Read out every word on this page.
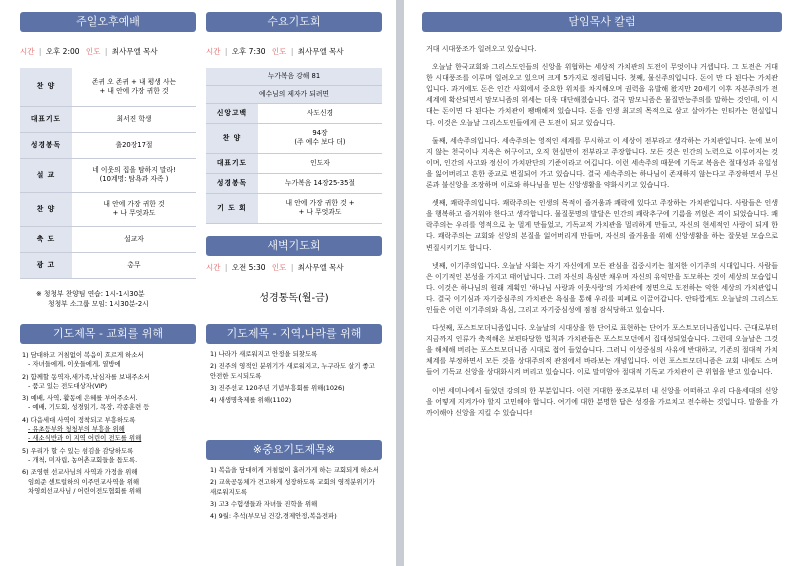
주일오후예배
시간 | 오후 2:00 인도 | 최사무엘 목사
찬 양	존귀 오 존귀 + 내 평생 사는
+ 내 안에 가장 귀한 것

대표기도	최서진 학생
성경봉독	출20장17절
설 교	네 이웃의 집을 탐하지 말라!
(10계명: 탐욕과 자족 )

찬 양	내 안에 가장 귀한 것
+ 나 무엇과도

축 도	설교자
광 고	총무
※ 청청부 찬양팀 연습: 1시-1시30분
청청부 소그룹 모임: 1시30분-2시
수요기도회
시간 | 오후 7:30 인도 | 최사무엘 목사
누가복음 강해 81	
예수님의 제자가 되려면	
신앙고백	사도신경
찬 양	94장
(주 예수 보다 더)

대표기도	인도자
성경봉독	누가복음 14장25-35절
기 도 회	내 안에 가장 귀한 것 +
+ 나 무엇과도
새벽기도회
시간 | 오전 5:30 인도 | 최사무엘 목사
성경통독(월-금)
기도제목 - 교회를 위해
1) 담대하고 거침없이 복음이 흐르게 하소서
- 자녀들에게, 이웃들에게, 열방에
2) 함께할 동역자,새가족,낙심자를 보내주소서
- 품고 있는 전도대상자(VIP)
3) 예배, 사역, 활동에 은혜를 부어주소서.
- 예배, 기도회, 성경읽기, 목장, 각종훈련 등
4) 다음세대 사역이 정착되고 부흥하도록
- 유초등부와 청청부의 부흥을 위해
- 새소식반과 이 지역 어린이 전도를 위해
5) 우리가 할 수 있는 섬김을 감당하도록
- 개척, 미자립, 농어촌교회들을 돕도록.
6) 조영현 선교사님의 사역과 가정을 위해
임희준 센트럴하의 이주민교사역을 위해
차영희선교사님 / 어린이전도협회를 위해
기도제목 - 지역,나라를 위해
1) 나라가 새로워지고 안정을 되찾도록
2) 진주의 영적인 분위기가 새로워지고, 누구라도 살기 좋고 안전한 도시되도록
3) 진주선교 120주년 기념부흥회를 위해(1026)
4) 새생명축제를 위해(1102)
※중요기도제목※
1) 복음을 담대히게 거침없이 흘러가게 하는 교회되게 하소서
2) 교육공동체가 견고하게 성장하도록 교회의 영적분위기가 새로워지도록
3) 고3 수험생들과 자녀들 진학을 위해
4) 9월: 추석(부모님 건강,경제안정,복음전파)
담임목사 칼럼

거대 시대풍조가 일려오고 있습니다.

오늘날 한국교회와 그리스도인들의 신앙을 위협하는 세상적 가치관의 도전이 무엇이냐 거셉니다. 그 도전은 거대한 시대풍조를 이루며 일려오고 있으며 크게 5가지로 정리됩니다. 첫째, 물신주의입니다. 돈이 만 다 된다는 가치관입니다. 과거에도 돈은 인간 사회에서 중요한 위치를 차지해오며 권력을 유발해 왔지만 20세기 이후 자본주의가 전 세계에 확산되면서 맘모니즘의 위세는 더욱 대단해졌습니다. 결국 맘모니즘은 물질만능주의를 말하는 것인데, 이 시대는 돈이면 다 된다는 가치관이 팽배해져 있습니다. 돈을 인생 최고의 목적으로 삼고 살아가는 인티카는 현실입니다. 이것은 오늘날 그리스도인들에게 큰 도전이 되고 있습니다.

둘째, 세속주의입니다. 세속주의는 영적인 세계를 무시하고 이 세상이 전부라고 생각하는 가치관입니다. 눈에 보이지 않는 천국이나 지옥은 허구이고, 오직 현실만이 전부라고 주장합니다. 모든 것은 인간의 노력으로 이루어지는 것이며, 인간의 사고와 정신이 가치판단의 기준이라고 여깁니다. 이런 세속주의 때문에 기독교 복음은 절대성과 유일성을 잃어버리고 흔한 종교로 변질되어 가고 있습니다. 결국 세속주의는 하나님이 존재하지 않는다고 주장하면서 무신론과 불신앙을 조장하며 이로와 하나님을 믿는 신앙생활을 약화시키고 있습니다.

셋째, 쾌락주의입니다. 쾌락주의는 인생의 목적이 즐거움과 쾌락에 있다고 주장하는 가치관입니다. 사람들은 인생을 행복하고 즐거워야 한다고 생각합니다. 물질문명의 발달은 인간의 쾌락추구에 기름을 끼얹은 격이 되었습니다. 쾌락주의는 우리를 영적으로 눈 멀게 만들었고, 기독교적 가치관을 멀리하게 만들고, 자신의 현세적인 사랑이 되게 한다. 쾌락주의는 교회와 신앙의 본질을 잃어버리게 만들며, 자신의 즐거움을 위해 신앙생활을 하는 잘못된 모습으로 변질시키기도 합니다.

넷째, 이기주의입니다. 오늘날 사회는 자기 자신에게 모든 관심을 집중시키는 철저한 이기주의 시대입니다. 사람들은 이기적인 본성을 가지고 태어납니다. 그러 자신의 욕심만 채우며 자신의 유익만을 도모하는 것이 세상의 모습입니다. 이것은 하나님의 원래 계획인 '하나님 사랑과 이웃사랑'의 가치관에 정면으로 도전하는 악한 세상의 가치관입니다. 결국 이기심과 자기중심주의 가치관은 욕심을 통해 우리를 피폐로 이끌어갑니다. 안타깝게도 오늘날의 그리스도인들은 이런 이기주의와 욕심, 그리고 자기중심성에 점점 잠식당하고 있습니다.

다섯째, 포스트모더니즘입니다. 오늘날의 시대상을 한 단어로 표현하는 단어가 포스트모더니즘입니다. 근대로부터 지금까지 인류가 축적해온 보편타당한 법칙과 가치관들은 포스트모던에서 집대성되었습니다. 그런데 오늘날은 그것을 해체해 버리는 포스트모더니즘 시대로 접어 들었습니다. 그러니 이성중심의 사유에 반대하고, 기존의 절대적 가치 체계를 부정하면서 모든 것을 상대주의적 관점에서 바라보는 개념입니다. 이런 포스트모더니즘은 교회 내에도 스며들어 기독교 신앙을 상대화시켜 버리고 있습니다. 이로 말미암아 절대적 기독교 가치관이 큰 위협을 받고 있습니다.

이번 세미나에서 들었던 강의의 한 부분입니다. 이런 거대한 풍조로부터 내 신앙을 어떠하고 우리 다음세대의 신앙을 어떻게 지켜가야 할지 고민해야 합니다. 여기에 대한 분명한 답은 성경을 가르치고 전수하는 것입니다. 말씀을 가까이해야 신앙을 지킬 수 있습니다!
